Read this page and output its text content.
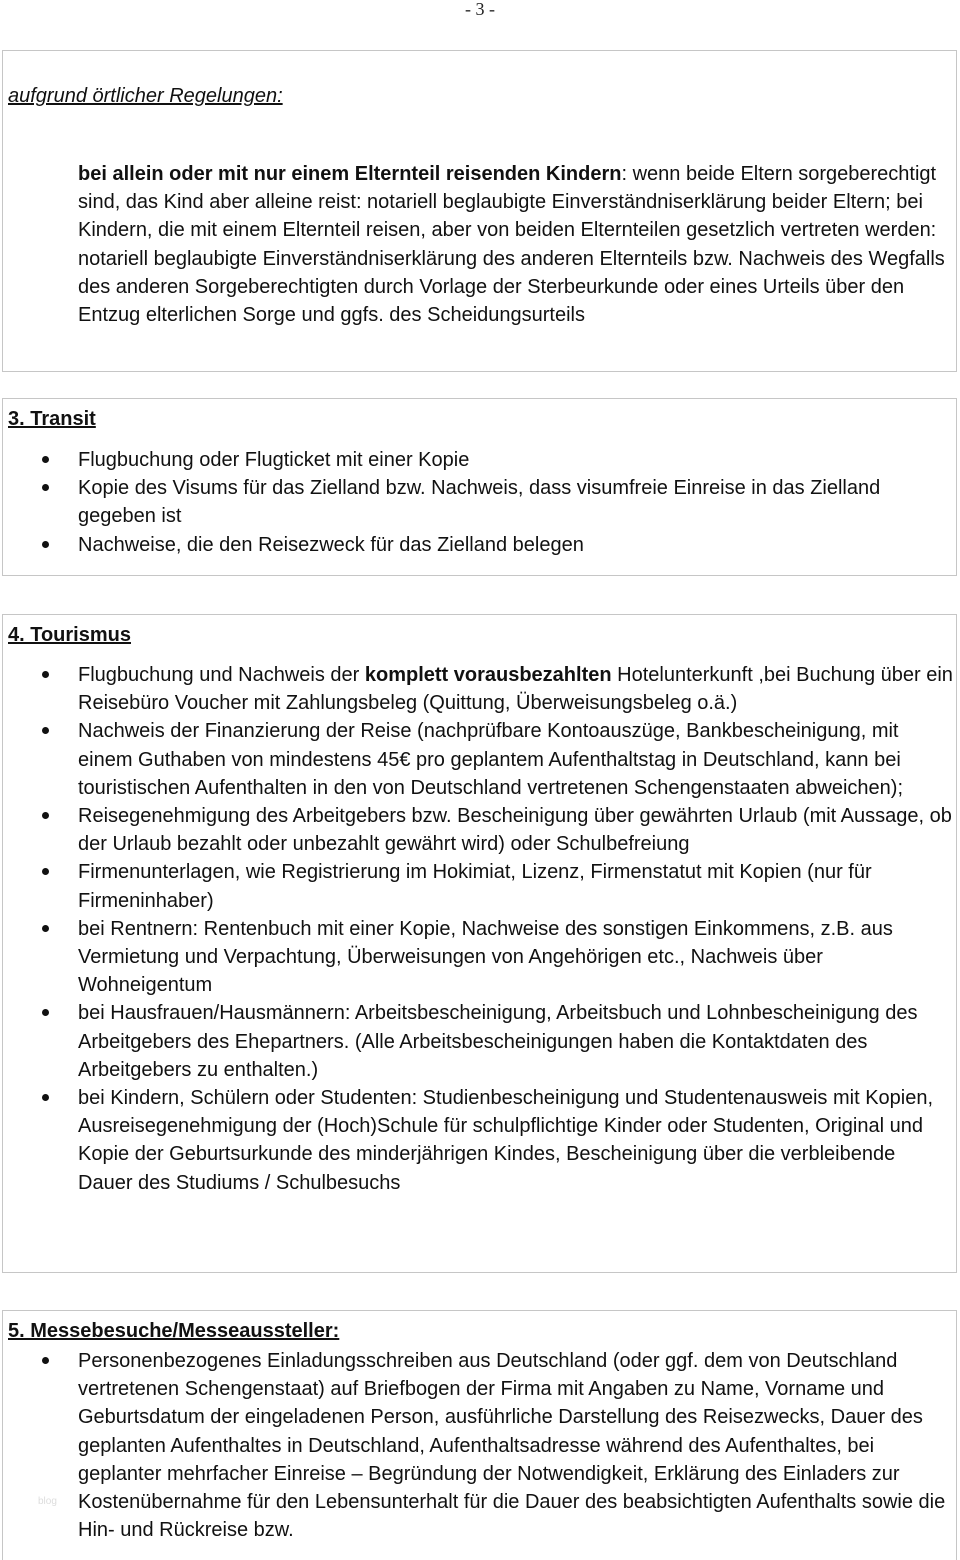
- 3 -
aufgrund örtlicher Regelungen:
bei allein oder mit nur einem Elternteil reisenden Kindern: wenn beide Eltern sorgeberechtigt sind, das Kind aber alleine reist: notariell beglaubigte Einverständniserklärung beider Eltern; bei Kindern, die mit einem Elternteil reisen, aber von beiden Elternteilen gesetzlich vertreten werden: notariell beglaubigte Einverständniserklärung des anderen Elternteils bzw. Nachweis des Wegfalls des anderen Sorgeberechtigten durch Vorlage der Sterbeurkunde oder eines Urteils über den Entzug elterlichen Sorge und ggfs. des Scheidungsurteils
3. Transit
Flugbuchung oder Flugticket mit einer Kopie
Kopie des Visums für das Zielland bzw. Nachweis, dass visumfreie Einreise in das Zielland gegeben ist
Nachweise, die den Reisezweck für das Zielland belegen
4. Tourismus
Flugbuchung und Nachweis der komplett vorausbezahlten Hotelunterkunft ,bei Buchung über ein Reisebüro Voucher mit Zahlungsbeleg (Quittung, Überweisungsbeleg o.ä.)
Nachweis der Finanzierung der Reise (nachprüfbare Kontoauszüge, Bankbescheinigung, mit einem Guthaben von mindestens 45€ pro geplantem Aufenthaltstag in Deutschland, kann bei touristischen Aufenthalten in den von Deutschland vertretenen Schengenstaaten abweichen);
Reisegenehmigung des Arbeitgebers bzw. Bescheinigung über gewährten Urlaub (mit Aussage, ob der Urlaub bezahlt oder unbezahlt gewährt wird) oder Schulbefreiung
Firmenunterlagen, wie Registrierung im Hokimiat, Lizenz, Firmenstatut mit Kopien (nur für Firmeninhaber)
bei Rentnern: Rentenbuch mit einer Kopie, Nachweise des sonstigen Einkommens, z.B. aus Vermietung und Verpachtung, Überweisungen von Angehörigen etc., Nachweis über Wohneigentum
bei Hausfrauen/Hausmännern: Arbeitsbescheinigung, Arbeitsbuch und Lohnbescheinigung des Arbeitgebers des Ehepartners. (Alle Arbeitsbescheinigungen haben die Kontaktdaten des Arbeitgebers zu enthalten.)
bei Kindern, Schülern oder Studenten: Studienbescheinigung und Studentenausweis mit Kopien, Ausreisegenehmigung der (Hoch)Schule für schulpflichtige Kinder oder Studenten, Original und Kopie der Geburtsurkunde des minderjährigen Kindes, Bescheinigung über die verbleibende Dauer des Studiums / Schulbesuchs
5. Messebesuche/Messeaussteller:
Personenbezogenes Einladungsschreiben aus Deutschland (oder ggf. dem von Deutschland vertretenen Schengenstaat) auf Briefbogen der Firma mit Angaben zu Name, Vorname und Geburtsdatum der eingeladenen Person, ausführliche Darstellung des Reisezwecks, Dauer des geplanten Aufenthaltes in Deutschland, Aufenthaltsadresse während des Aufenthaltes, bei geplanter mehrfacher Einreise – Begründung der Notwendigkeit, Erklärung des Einladers zur Kostenübernahme für den Lebensunterhalt für die Dauer des beabsichtigten Aufenthalts sowie die Hin- und Rückreise bzw.
blog
